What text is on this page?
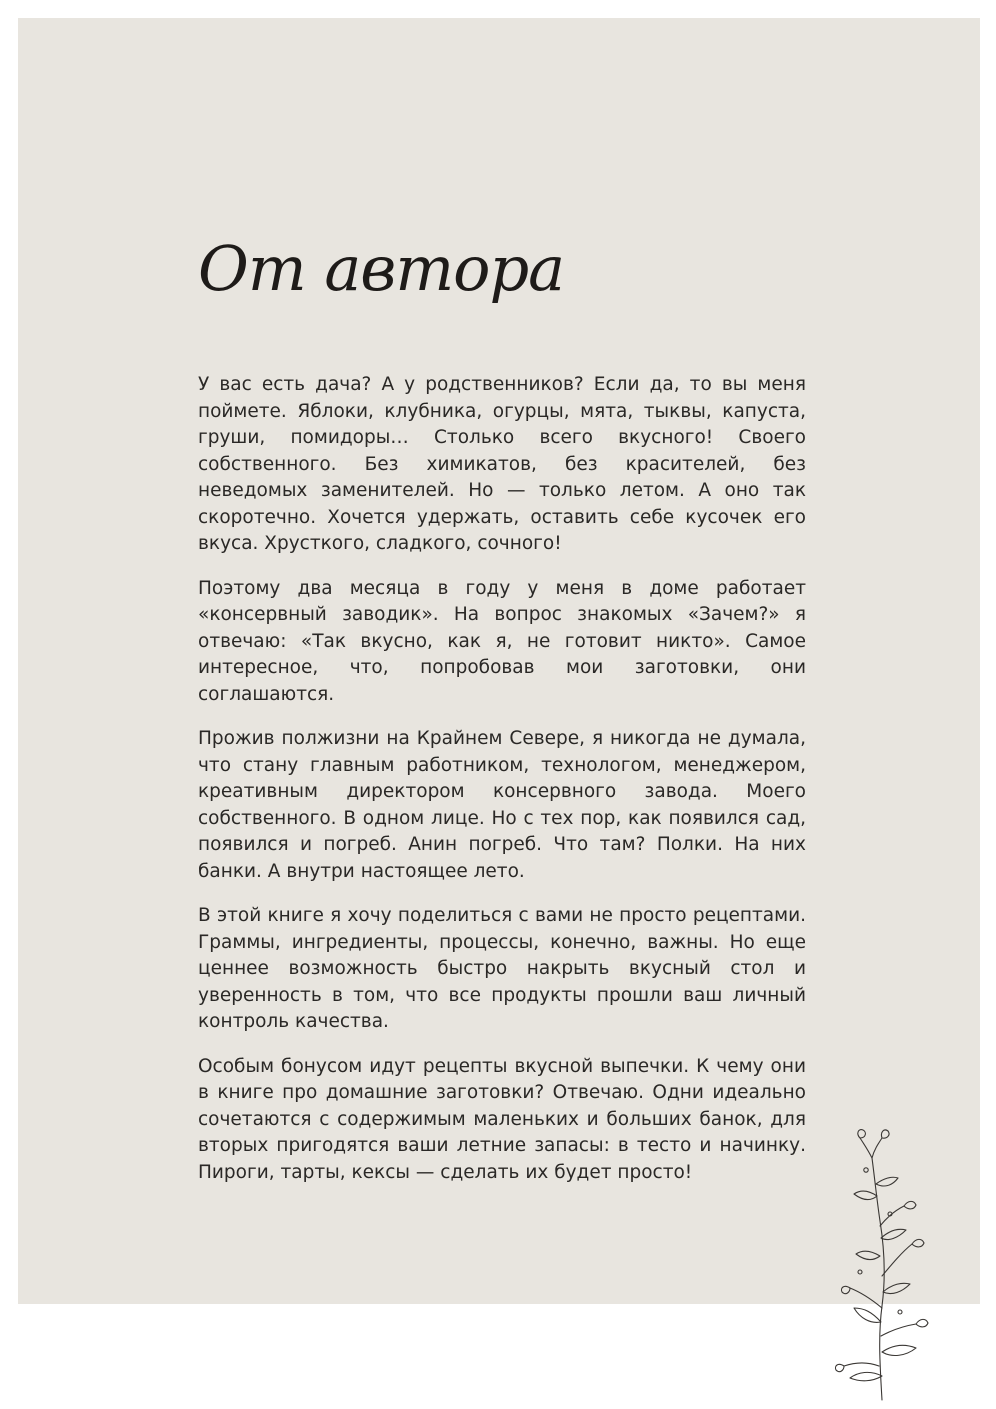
От автора

У вас есть дача? А у родственников? Если да, то вы меня поймете. Яблоки, клубника, огурцы, мята, тыквы, капуста, груши, помидоры… Столько всего вкусного! Своего собственного. Без химикатов, без красителей, без неведомых заменителей. Но — только летом. А оно так скоротечно. Хочется удержать, оставить себе кусочек его вкуса. Хрусткого, сладкого, сочного!

Поэтому два месяца в году у меня в доме работает «консервный заводик». На вопрос знакомых «Зачем?» я отвечаю: «Так вкусно, как я, не готовит никто». Самое интересное, что, попробовав мои заготовки, они соглашаются.

Прожив полжизни на Крайнем Севере, я никогда не думала, что стану главным работником, технологом, менеджером, креативным директором консервного завода. Моего собственного. В одном лице. Но с тех пор, как появился сад, появился и погреб. Анин погреб. Что там? Полки. На них банки. А внутри настоящее лето.

В этой книге я хочу поделиться с вами не просто рецептами. Граммы, ингредиенты, процессы, конечно, важны. Но еще ценнее возможность быстро накрыть вкусный стол и уверенность в том, что все продукты прошли ваш личный контроль качества.

Особым бонусом идут рецепты вкусной выпечки. К чему они в книге про домашние заготовки? Отвечаю. Одни идеально сочетаются с содержимым маленьких и больших банок, для вторых пригодятся ваши летние запасы: в тесто и начинку. Пироги, тарты, кексы — сделать их будет просто!
